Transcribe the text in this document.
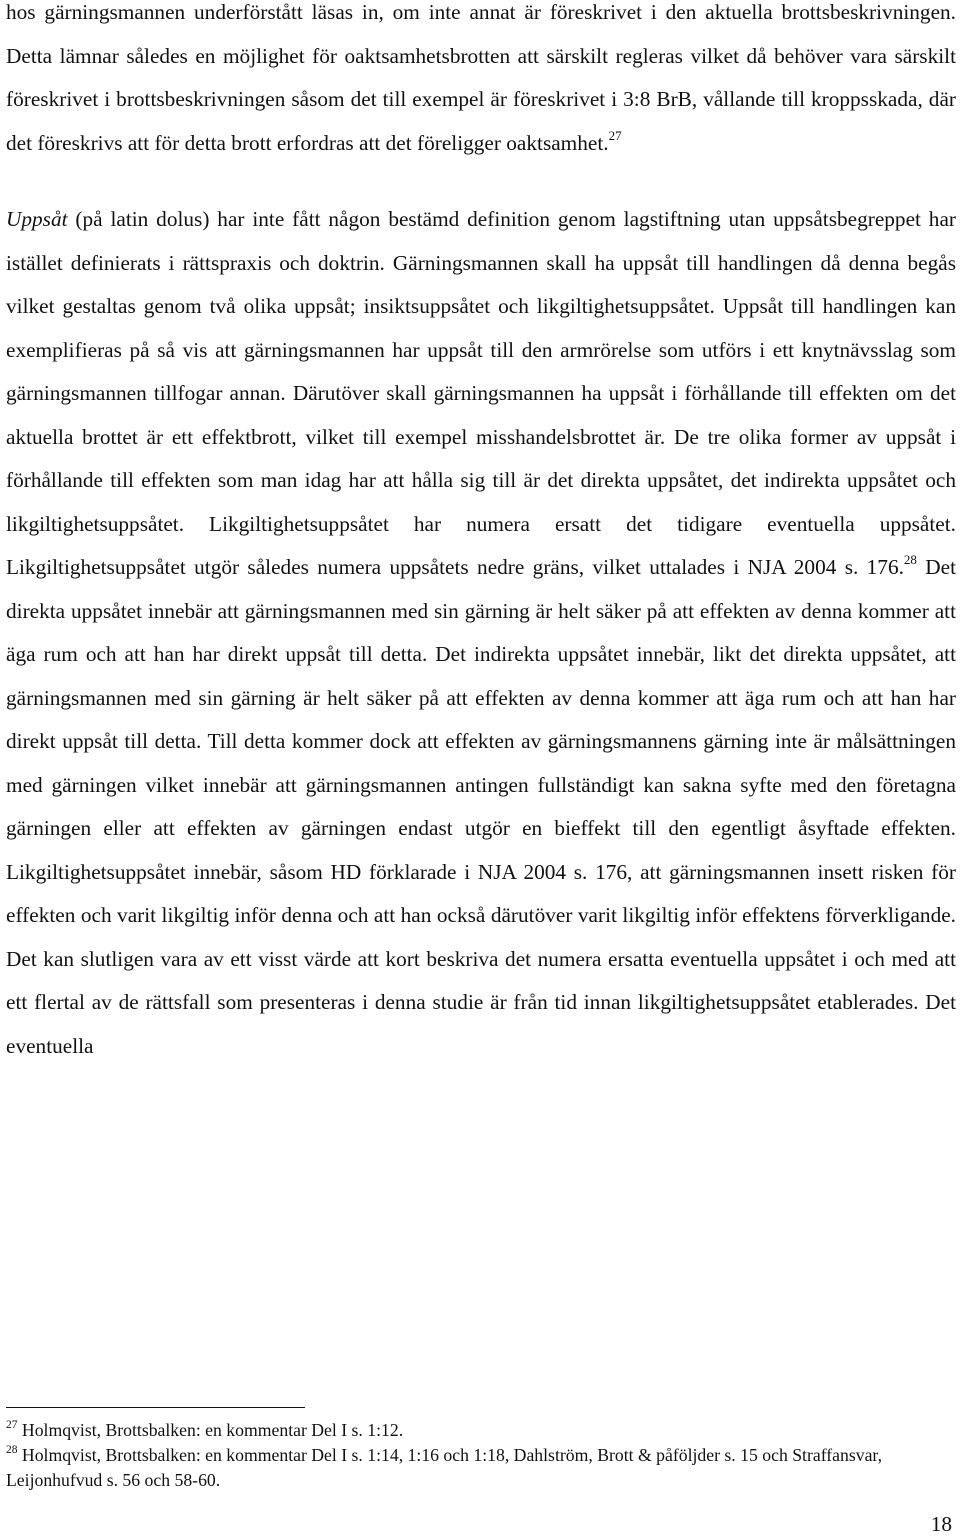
hos gärningsmannen underförstått läsas in, om inte annat är föreskrivet i den aktuella brottsbeskrivningen. Detta lämnar således en möjlighet för oaktsamhetsbrotten att särskilt regleras vilket då behöver vara särskilt föreskrivet i brottsbeskrivningen såsom det till exempel är föreskrivet i 3:8 BrB, vållande till kroppsskada, där det föreskrivs att för detta brott erfordras att det föreligger oaktsamhet.$^{27}$

Uppsåt (på latin dolus) har inte fått någon bestämd definition genom lagstiftning utan uppsåtsbegreppet har istället definierats i rättspraxis och doktrin. Gärningsmannen skall ha uppsåt till handlingen då denna begås vilket gestaltas genom två olika uppsåt; insiktsuppsåtet och likgiltighetsuppsåtet. Uppsåt till handlingen kan exemplifieras på så vis att gärningsmannen har uppsåt till den armrörelse som utförs i ett knytnävsslag som gärningsmannen tillfogar annan. Därutöver skall gärningsmannen ha uppsåt i förhållande till effekten om det aktuella brottet är ett effektbrott, vilket till exempel misshandelsbrottet är. De tre olika former av uppsåt i förhållande till effekten som man idag har att hålla sig till är det direkta uppsåtet, det indirekta uppsåtet och likgiltighetsuppsåtet. Likgiltighetsuppsåtet har numera ersatt det tidigare eventuella uppsåtet. Likgiltighetsuppsåtet utgör således numera uppsåtets nedre gräns, vilket uttalades i NJA 2004 s. 176.28 Det direkta uppsåtet innebär att gärningsmannen med sin gärning är helt säker på att effekten av denna kommer att äga rum och att han har direkt uppsåt till detta. Det indirekta uppsåtet innebär, likt det direkta uppsåtet, att gärningsmannen med sin gärning är helt säker på att effekten av denna kommer att äga rum och att han har direkt uppsåt till detta. Till detta kommer dock att effekten av gärningsmannens gärning inte är målsättningen med gärningen vilket innebär att gärningsmannen antingen fullständigt kan sakna syfte med den företagna gärningen eller att effekten av gärningen endast utgör en bieffekt till den egentligt åsyftade effekten. Likgiltighetsuppsåtet innebär, såsom HD förklarade i NJA 2004 s. 176, att gärningsmannen insett risken för effekten och varit likgiltig inför denna och att han också därutöver varit likgiltig inför effektens förverkligande. Det kan slutligen vara av ett visst värde att kort beskriva det numera ersatta eventuella uppsåtet i och med att ett flertal av de rättsfall som presenteras i denna studie är från tid innan likgiltighetsuppsåtet etablerades. Det eventuella

$^{27}$ Holmqvist, Brottsbalken: en kommentar Del I s. 1:12.

$^{28}$ Holmqvist, Brottsbalken: en kommentar Del I s. 1:14, 1:16 och 1:18, Dahlström, Brott & påföljder s. 15 och Straffansvar, Leijonhufvud s. 56 och 58-60.

18
